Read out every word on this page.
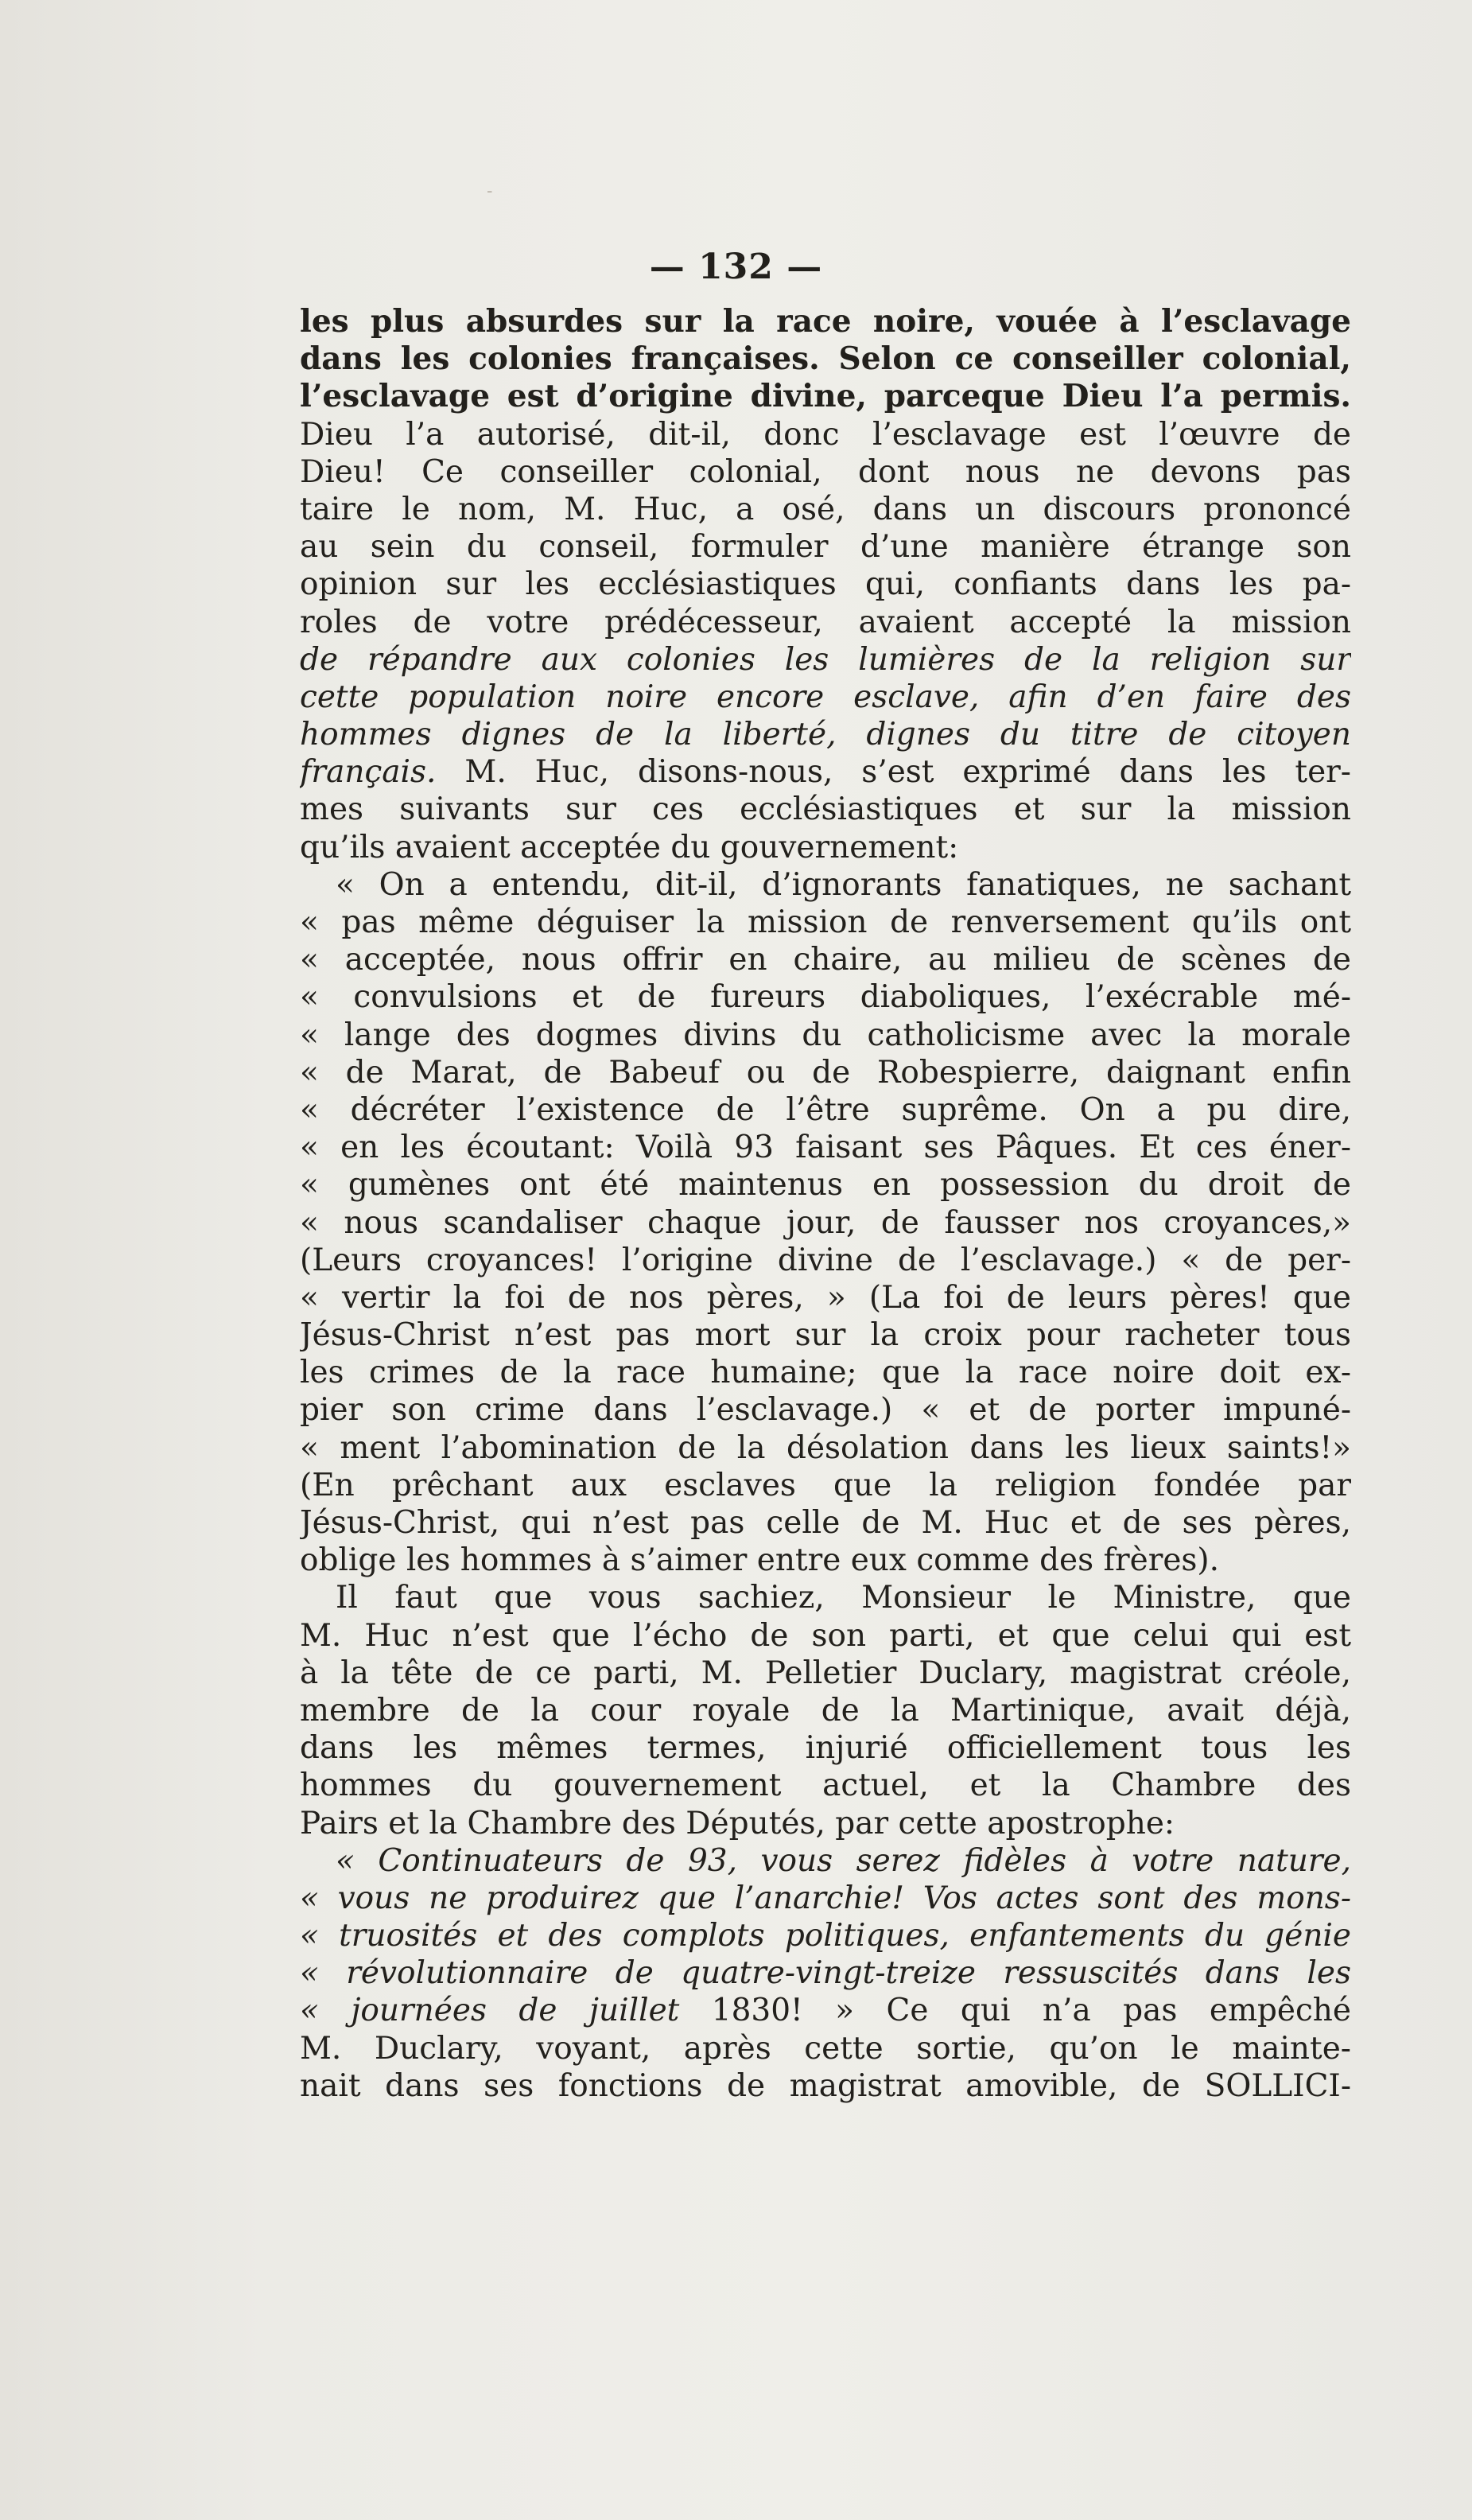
-
— 132 —
les plus absurdes sur la race noire, vouée à l’esclavage
dans les colonies françaises. Selon ce conseiller colonial,
l’esclavage est d’origine divine, parceque Dieu l’a permis.
Dieu l’a autorisé, dit-il, donc l’esclavage est l’œuvre de
Dieu! Ce conseiller colonial, dont nous ne devons pas
taire le nom, M. Huc, a osé, dans un discours prononcé
au sein du conseil, formuler d’une manière étrange son
opinion sur les ecclésiastiques qui, confiants dans les pa-
roles de votre prédécesseur, avaient accepté la mission
de répandre aux colonies les lumières de la religion sur
cette population noire encore esclave, afin d’en faire des
hommes dignes de la liberté, dignes du titre de citoyen
français. M. Huc, disons-nous, s’est exprimé dans les ter-
mes suivants sur ces ecclésiastiques et sur la mission
qu’ils avaient acceptée du gouvernement:
« On a entendu, dit-il, d’ignorants fanatiques, ne sachant
« pas même déguiser la mission de renversement qu’ils ont
« acceptée, nous offrir en chaire, au milieu de scènes de
« convulsions et de fureurs diaboliques, l’exécrable mé-
« lange des dogmes divins du catholicisme avec la morale
« de Marat, de Babeuf ou de Robespierre, daignant enfin
« décréter l’existence de l’être suprême. On a pu dire,
« en les écoutant: Voilà 93 faisant ses Pâques. Et ces éner-
« gumènes ont été maintenus en possession du droit de
« nous scandaliser chaque jour, de fausser nos croyances,»
(Leurs croyances! l’origine divine de l’esclavage.) « de per-
« vertir la foi de nos pères, » (La foi de leurs pères! que
Jésus-Christ n’est pas mort sur la croix pour racheter tous
les crimes de la race humaine; que la race noire doit ex-
pier son crime dans l’esclavage.) « et de porter impuné-
« ment l’abomination de la désolation dans les lieux saints!»
(En prêchant aux esclaves que la religion fondée par
Jésus-Christ, qui n’est pas celle de M. Huc et de ses pères,
oblige les hommes à s’aimer entre eux comme des frères).
Il faut que vous sachiez, Monsieur le Ministre, que
M. Huc n’est que l’écho de son parti, et que celui qui est
à la tête de ce parti, M. Pelletier Duclary, magistrat créole,
membre de la cour royale de la Martinique, avait déjà,
dans les mêmes termes, injurié officiellement tous les
hommes du gouvernement actuel, et la Chambre des
Pairs et la Chambre des Députés, par cette apostrophe:
« Continuateurs de 93, vous serez fidèles à votre nature,
« vous ne produirez que l’anarchie! Vos actes sont des mons-
« truosités et des complots politiques, enfantements du génie
« révolutionnaire de quatre-vingt-treize ressuscités dans les
« journées de juillet 1830! » Ce qui n’a pas empêché
M. Duclary, voyant, après cette sortie, qu’on le mainte-
nait dans ses fonctions de magistrat amovible, de SOLLICI-
